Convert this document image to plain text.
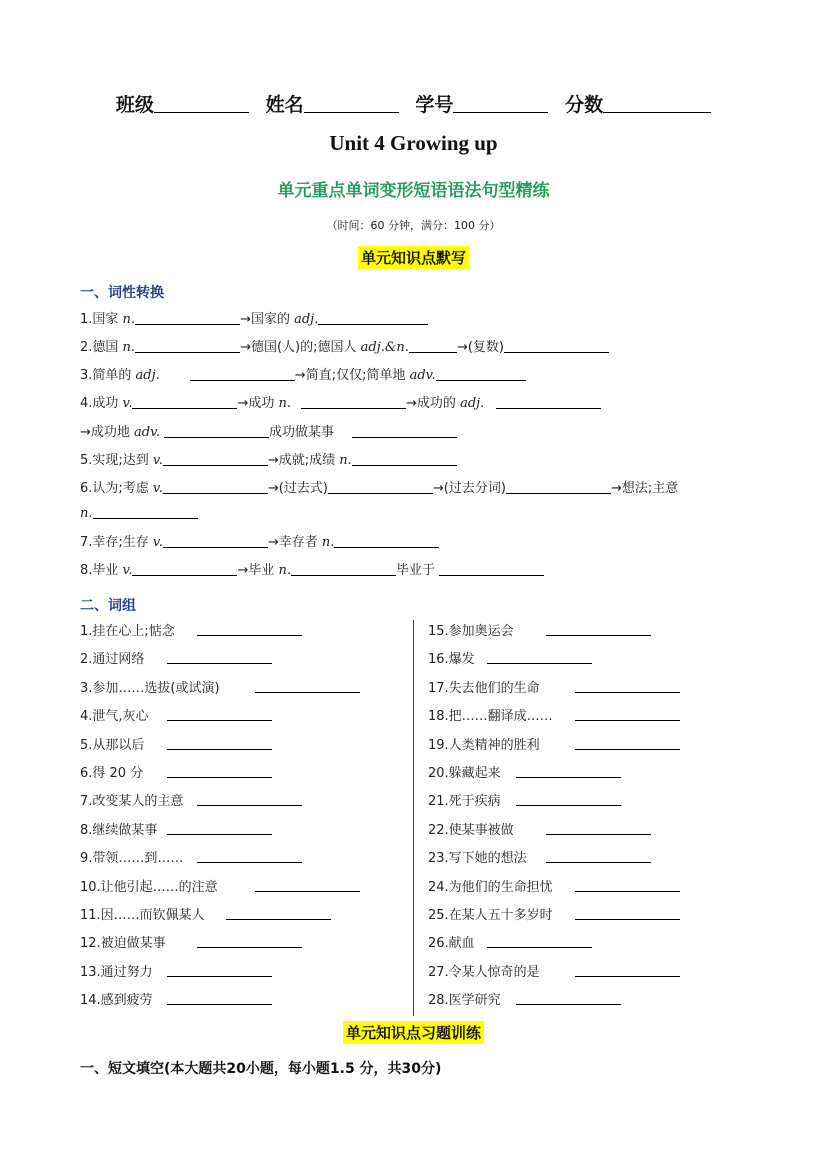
班级	姓名	学号	分数
Unit 4 Growing up
单元重点单词变形短语语法句型精练
（时间：60 分钟，满分：100 分）
单元知识点默写
一、词性转换
1.国家 n.	→国家的 adj.
2.德国 n.	→德国(人)的;德国人 adj.&n.	→(复数)
3.简单的 adj.	→简直;仅仅;简单地 adv.
4.成功 v.	→成功 n.	→成功的 adj.
→成功地 adv.	成功做某事
5.实现;达到 v.	→成就;成绩 n.
6.认为;考虑 v.	→(过去式)	→(过去分词)	→想法;主意
n.
7.幸存;生存 v.	→幸存者 n.
8.毕业 v.	→毕业 n.	毕业于
二、词组
1.挂在心上;惦念
2.通过网络
3.参加……选拔(或试演)
4.泄气,灰心
5.从那以后
6.得 20 分
7.改变某人的主意
8.继续做某事
9.带领……到……
10.让他引起……的注意
11.因……而钦佩某人
12.被迫做某事
13.通过努力
14.感到疲劳
15.参加奥运会
16.爆发
17.失去他们的生命
18.把……翻译成……
19.人类精神的胜利
20.躲藏起来
21.死于疾病
22.使某事被做
23.写下她的想法
24.为他们的生命担忧
25.在某人五十多岁时
26.献血
27.令某人惊奇的是
28.医学研究
单元知识点习题训练
一、短文填空(本大题共20小题，每小题1.5 分，共30分)
